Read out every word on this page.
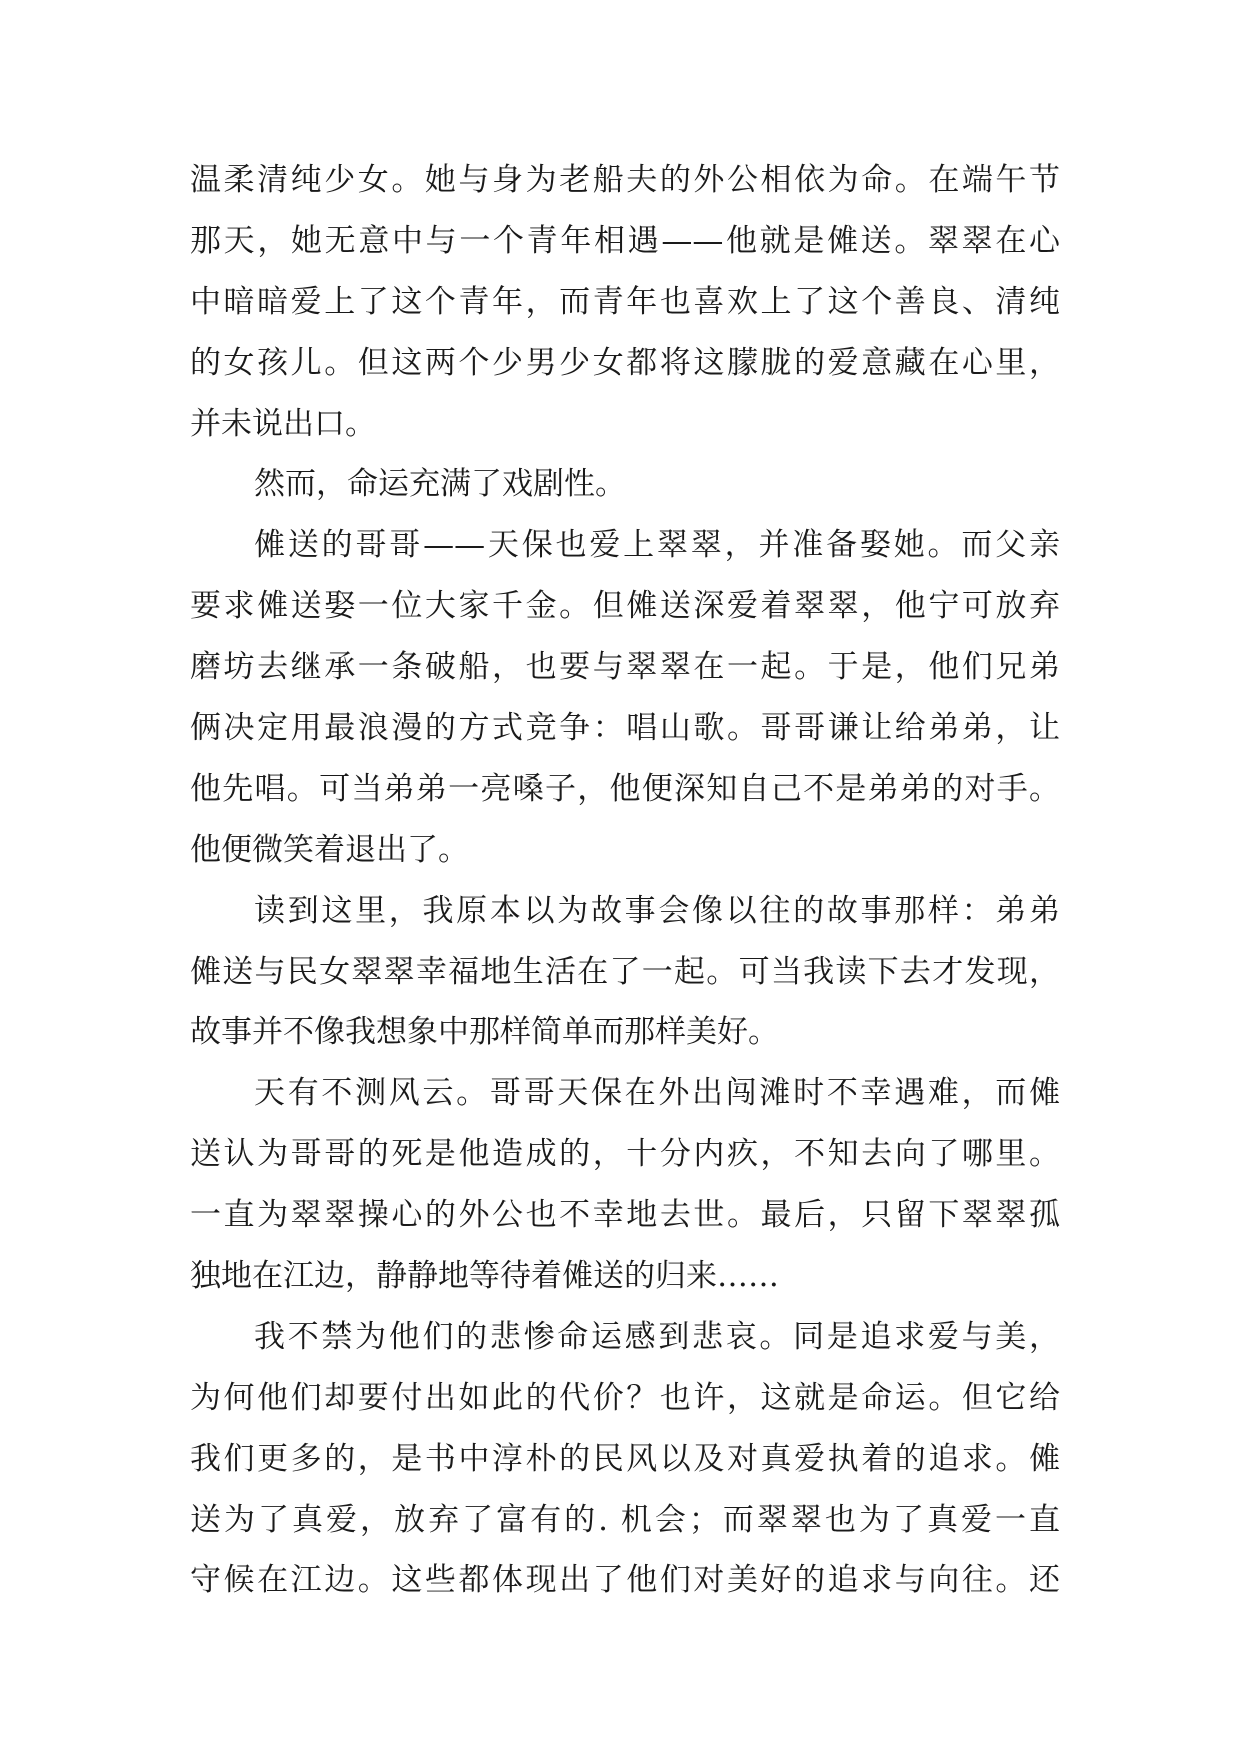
温柔清纯少女。她与身为老船夫的外公相依为命。在端午节
那天，她无意中与一个青年相遇——他就是傩送。翠翠在心
中暗暗爱上了这个青年，而青年也喜欢上了这个善良、清纯
的女孩儿。但这两个少男少女都将这朦胧的爱意藏在心里，
并未说出口。
然而，命运充满了戏剧性。
傩送的哥哥——天保也爱上翠翠，并准备娶她。而父亲
要求傩送娶一位大家千金。但傩送深爱着翠翠，他宁可放弃
磨坊去继承一条破船，也要与翠翠在一起。于是，他们兄弟
俩决定用最浪漫的方式竞争：唱山歌。哥哥谦让给弟弟，让
他先唱。可当弟弟一亮嗓子，他便深知自己不是弟弟的对手。
他便微笑着退出了。
读到这里，我原本以为故事会像以往的故事那样：弟弟
傩送与民女翠翠幸福地生活在了一起。可当我读下去才发现，
故事并不像我想象中那样简单而那样美好。
天有不测风云。哥哥天保在外出闯滩时不幸遇难，而傩
送认为哥哥的死是他造成的，十分内疚，不知去向了哪里。
一直为翠翠操心的外公也不幸地去世。最后，只留下翠翠孤
独地在江边，静静地等待着傩送的归来……
我不禁为他们的悲惨命运感到悲哀。同是追求爱与美，
为何他们却要付出如此的代价？也许，这就是命运。但它给
我们更多的，是书中淳朴的民风以及对真爱执着的追求。傩
送为了真爱，放弃了富有的. 机会；而翠翠也为了真爱一直
守候在江边。这些都体现出了他们对美好的追求与向往。还
